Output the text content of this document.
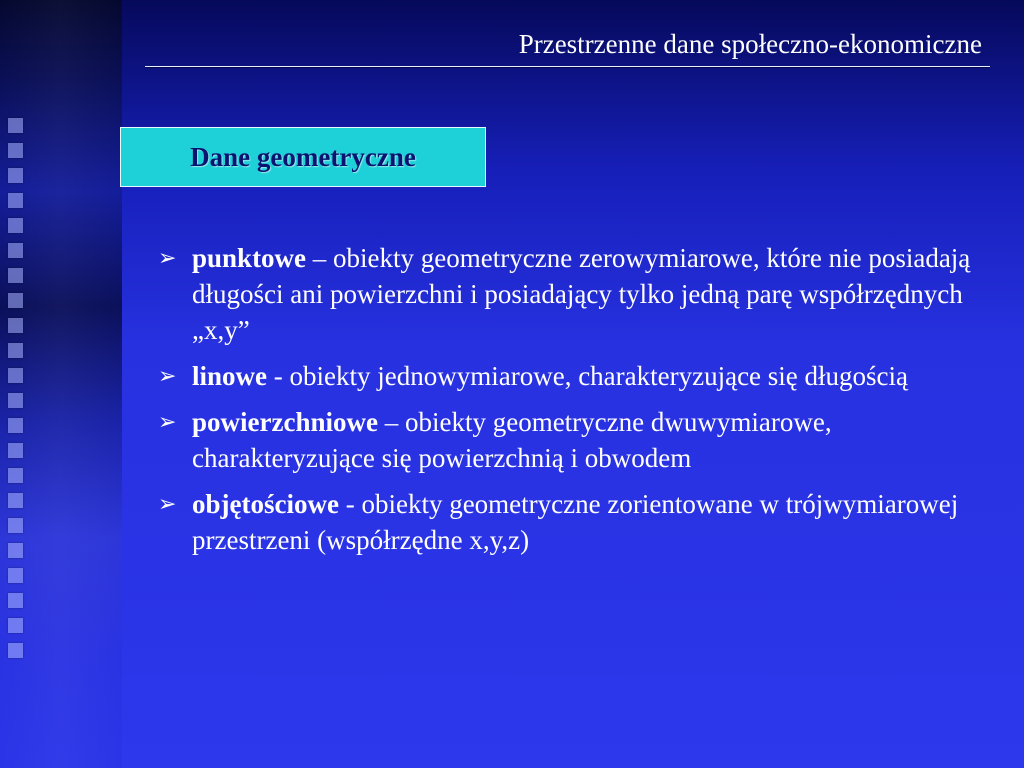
Przestrzenne dane społeczno-ekonomiczne
Dane geometryczne
➢ punktowe – obiekty geometryczne zerowymiarowe, które nie posiadają długości ani powierzchni i posiadający tylko jedną parę współrzędnych „x,y”
➢ linowe - obiekty jednowymiarowe, charakteryzujące się długością
➢ powierzchniowe – obiekty geometryczne dwuwymiarowe, charakteryzujące się powierzchnią i obwodem
➢ objętościowe - obiekty geometryczne zorientowane w trójwymiarowej przestrzeni (współrzędne x,y,z)
